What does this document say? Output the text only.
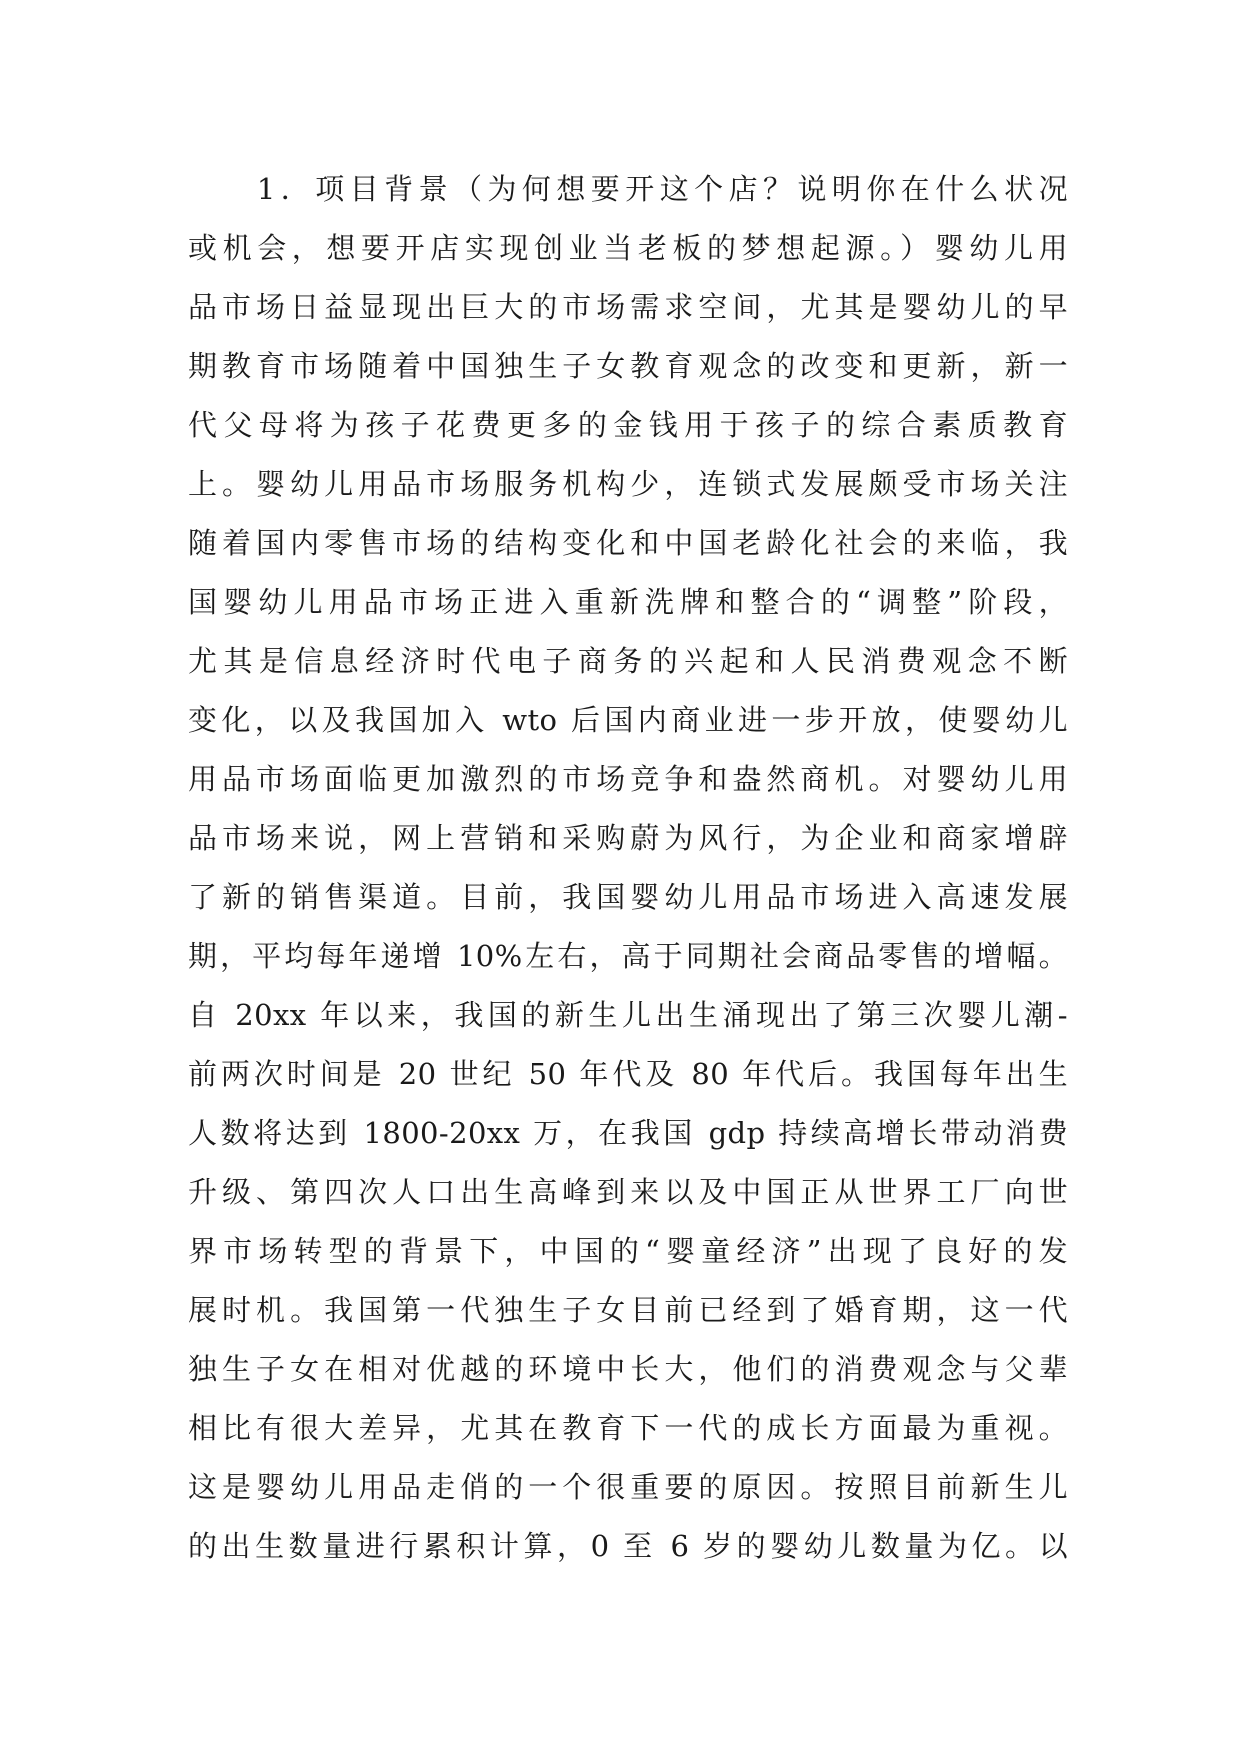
　　1．项目背景（为何想要开这个店？说明你在什么状况
或机会，想要开店实现创业当老板的梦想起源。）婴幼儿用
品市场日益显现出巨大的市场需求空间，尤其是婴幼儿的早
期教育市场随着中国独生子女教育观念的改变和更新，新一
代父母将为孩子花费更多的金钱用于孩子的综合素质教育
上。婴幼儿用品市场服务机构少，连锁式发展颇受市场关注
随着国内零售市场的结构变化和中国老龄化社会的来临，我
国婴幼儿用品市场正进入重新洗牌和整合的“调整”阶段，
尤其是信息经济时代电子商务的兴起和人民消费观念不断
变化，以及我国加入 wto 后国内商业进一步开放，使婴幼儿
用品市场面临更加激烈的市场竞争和盎然商机。对婴幼儿用
品市场来说，网上营销和采购蔚为风行，为企业和商家增辟
了新的销售渠道。目前，我国婴幼儿用品市场进入高速发展
期，平均每年递增 10%左右，高于同期社会商品零售的增幅。
自 20xx 年以来，我国的新生儿出生涌现出了第三次婴儿潮-
前两次时间是 20 世纪 50 年代及 80 年代后。我国每年出生
人数将达到 1800-20xx 万，在我国 gdp 持续高增长带动消费
升级、第四次人口出生高峰到来以及中国正从世界工厂向世
界市场转型的背景下，中国的“婴童经济”出现了良好的发
展时机。我国第一代独生子女目前已经到了婚育期，这一代
独生子女在相对优越的环境中长大，他们的消费观念与父辈
相比有很大差异，尤其在教育下一代的成长方面最为重视。
这是婴幼儿用品走俏的一个很重要的原因。按照目前新生儿
的出生数量进行累积计算，0 至 6 岁的婴幼儿数量为亿。以
